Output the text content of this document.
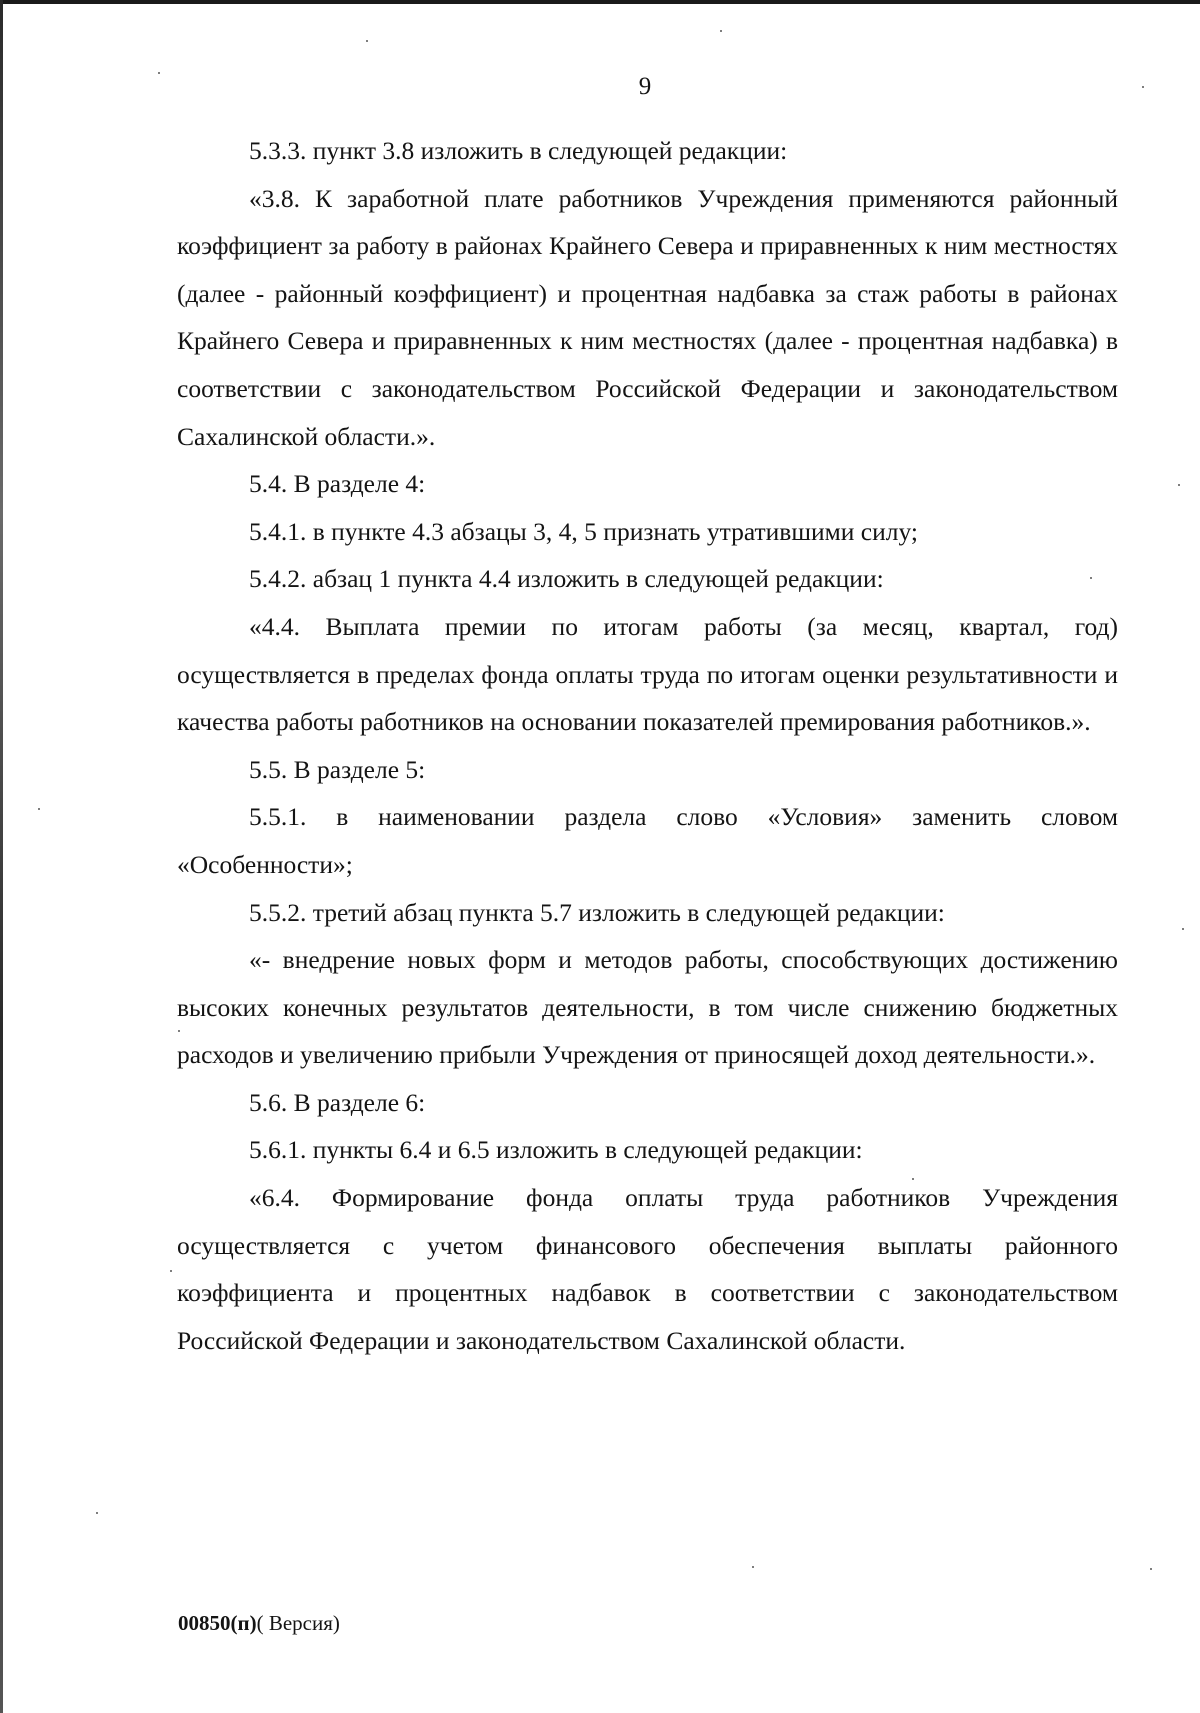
9

5.3.3. пункт 3.8 изложить в следующей редакции:

«3.8. К заработной плате работников Учреждения применяются районный коэффициент за работу в районах Крайнего Севера и приравненных к ним местностях (далее - районный коэффициент) и процентная надбавка за стаж работы в районах Крайнего Севера и приравненных к ним местностях (далее - процентная надбавка) в соответствии с законодательством Российской Федерации и законодательством Сахалинской области.».

5.4. В разделе 4:

5.4.1. в пункте 4.3 абзацы 3, 4, 5 признать утратившими силу;

5.4.2. абзац 1 пункта 4.4 изложить в следующей редакции:

«4.4. Выплата премии по итогам работы (за месяц, квартал, год) осуществляется в пределах фонда оплаты труда по итогам оценки результативности и качества работы работников на основании показателей премирования работников.».

5.5. В разделе 5:

5.5.1. в наименовании раздела слово «Условия» заменить словом «Особенности»;

5.5.2. третий абзац пункта 5.7 изложить в следующей редакции:

«- внедрение новых форм и методов работы, способствующих достижению высоких конечных результатов деятельности, в том числе снижению бюджетных расходов и увеличению прибыли Учреждения от приносящей доход деятельности.».

5.6. В разделе 6:

5.6.1. пункты 6.4 и 6.5 изложить в следующей редакции:

«6.4. Формирование фонда оплаты труда работников Учреждения осуществляется с учетом финансового обеспечения выплаты районного коэффициента и процентных надбавок в соответствии с законодательством Российской Федерации и законодательством Сахалинской области.

00850(п)( Версия)
